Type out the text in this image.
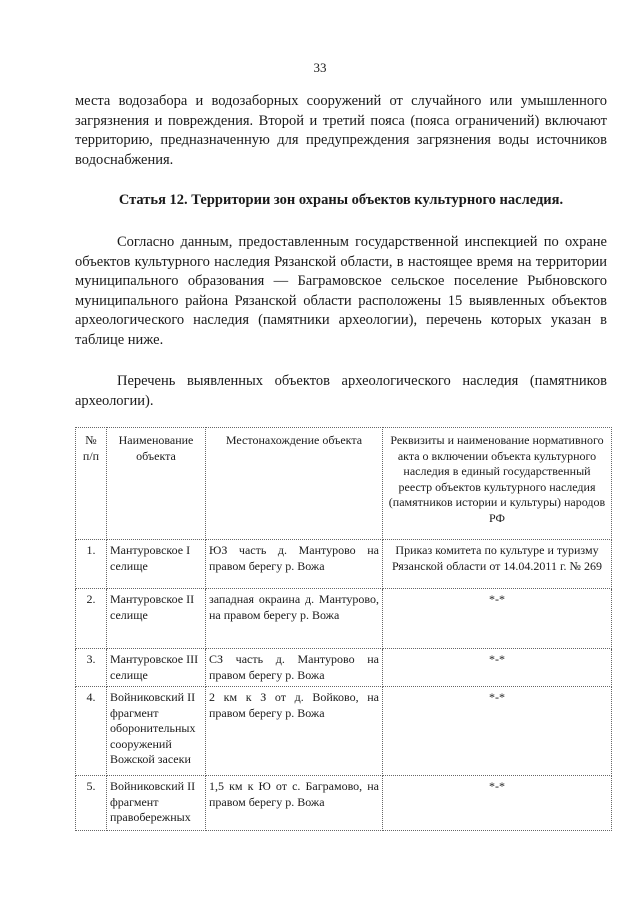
33

места водозабора и водозаборных сооружений от случайного или умышленного загрязнения и повреждения. Второй и третий пояса (пояса ограничений) включают территорию, предназначенную для предупреждения загрязнения воды источников водоснабжения.

Статья 12. Территории зон охраны объектов культурного наследия.

Согласно данным, предоставленным государственной инспекцией по охране объектов культурного наследия Рязанской области, в настоящее время на территории муниципального образования — Баграмовское сельское поселение Рыбновского муниципального района Рязанской области расположены 15 выявленных объектов археологического наследия (памятники археологии), перечень которых указан в таблице ниже.

Перечень выявленных объектов археологического наследия (памятников археологии).

№ п/п	Наименование объекта	Местонахождение объекта	Реквизиты и наименование нормативного акта о включении объекта культурного наследия в единый государственный реестр объектов культурного наследия (памятников истории и культуры) народов РФ
1.	Мантуровское I селище	ЮЗ часть д. Мантурово на правом берегу р. Вожа	Приказ комитета по культуре и туризму Рязанской области от 14.04.2011 г. № 269
2.	Мантуровское II селище	западная окраина д. Мантурово, на правом берегу р. Вожа	*-*
3.	Мантуровское III селище	СЗ часть д. Мантурово на правом берегу р. Вожа	*-*
4.	Войниковский II фрагмент оборонительных сооружений Вожской засеки	2 км к З от д. Войково, на правом берегу р. Вожа	*-*
5.	Войниковский II фрагмент правобережных	1,5 км к Ю от с. Баграмово, на правом берегу р. Вожа	*-*
